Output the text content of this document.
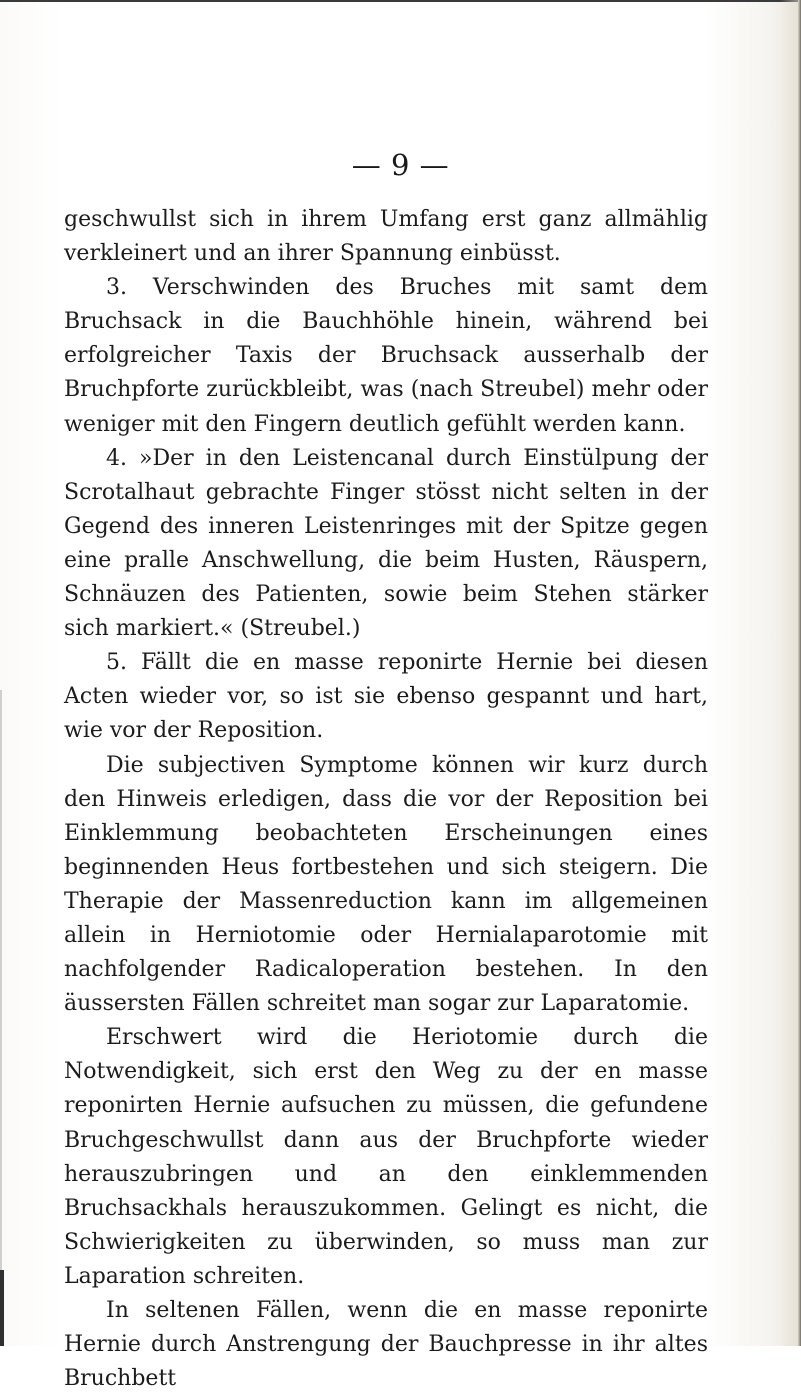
— 9 —

geschwullst sich in ihrem Umfang erst ganz allmählig verkleinert und an ihrer Spannung einbüsst.

3. Verschwinden des Bruches mit samt dem Bruchsack in die Bauchhöhle hinein, während bei erfolgreicher Taxis der Bruchsack ausserhalb der Bruchpforte zurückbleibt, was (nach Streubel) mehr oder weniger mit den Fingern deutlich gefühlt werden kann.

4. »Der in den Leistencanal durch Einstülpung der Scrotalhaut gebrachte Finger stösst nicht selten in der Gegend des inneren Leistenringes mit der Spitze gegen eine pralle Anschwellung, die beim Husten, Räuspern, Schnäuzen des Patienten, sowie beim Stehen stärker sich markiert.« (Streubel.)

5. Fällt die en masse reponirte Hernie bei diesen Acten wieder vor, so ist sie ebenso gespannt und hart, wie vor der Reposition.

Die subjectiven Symptome können wir kurz durch den Hinweis erledigen, dass die vor der Reposition bei Einklemmung beobachteten Erscheinungen eines beginnenden Heus fortbestehen und sich steigern. Die Therapie der Massenreduction kann im allgemeinen allein in Herniotomie oder Hernialaparotomie mit nachfolgender Radicaloperation bestehen. In den äussersten Fällen schreitet man sogar zur Laparatomie.

Erschwert wird die Heriotomie durch die Notwendigkeit, sich erst den Weg zu der en masse reponirten Hernie aufsuchen zu müssen, die gefundene Bruchgeschwullst dann aus der Bruchpforte wieder herauszubringen und an den einklemmenden Bruchsackhals herauszukommen. Gelingt es nicht, die Schwierigkeiten zu überwinden, so muss man zur Laparation schreiten.

In seltenen Fällen, wenn die en masse reponirte Hernie durch Anstrengung der Bauchpresse in ihr altes Bruchbett
